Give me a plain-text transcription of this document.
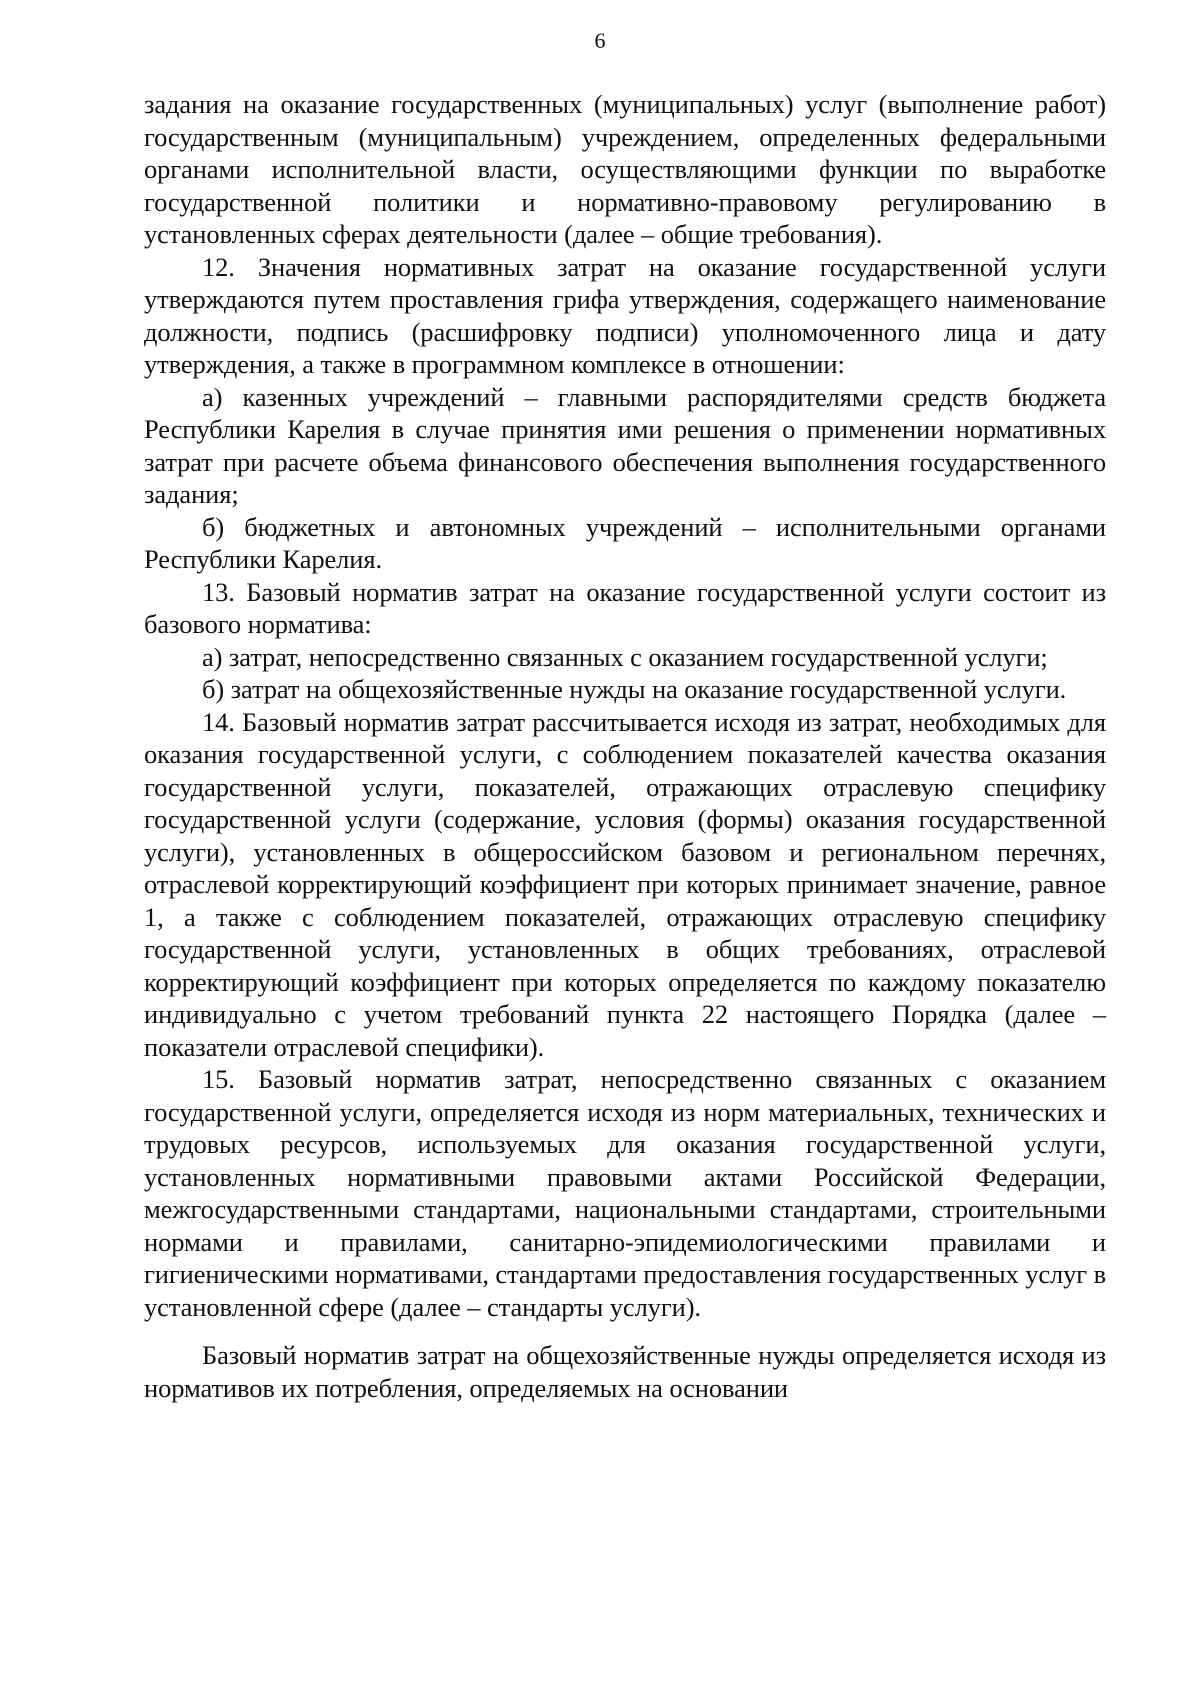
6

задания на оказание государственных (муниципальных) услуг (выполнение работ) государственным (муниципальным) учреждением, определенных федеральными органами исполнительной власти, осуществляющими функции по выработке государственной политики и нормативно-правовому регулированию в установленных сферах деятельности (далее – общие требования).

12. Значения нормативных затрат на оказание государственной услуги утверждаются путем проставления грифа утверждения, содержащего наименование должности, подпись (расшифровку подписи) уполномоченного лица и дату утверждения, а также в программном комплексе в отношении:

а) казенных учреждений – главными распорядителями средств бюджета Республики Карелия в случае принятия ими решения о применении нормативных затрат при расчете объема финансового обеспечения выполнения государственного задания;

б) бюджетных и автономных учреждений – исполнительными органами Республики Карелия.

13. Базовый норматив затрат на оказание государственной услуги состоит из базового норматива:

а) затрат, непосредственно связанных с оказанием государственной услуги;

б) затрат на общехозяйственные нужды на оказание государственной услуги.

14. Базовый норматив затрат рассчитывается исходя из затрат, необходимых для оказания государственной услуги, с соблюдением показателей качества оказания государственной услуги, показателей, отражающих отраслевую специфику государственной услуги (содержание, условия (формы) оказания государственной услуги), установленных в общероссийском базовом и региональном перечнях, отраслевой корректирующий коэффициент при которых принимает значение, равное 1, а также с соблюдением показателей, отражающих отраслевую специфику государственной услуги, установленных в общих требованиях, отраслевой корректирующий коэффициент при которых определяется по каждому показателю индивидуально с учетом требований пункта 22 настоящего Порядка (далее – показатели отраслевой специфики).

15. Базовый норматив затрат, непосредственно связанных с оказанием государственной услуги, определяется исходя из норм материальных, технических и трудовых ресурсов, используемых для оказания государственной услуги, установленных нормативными правовыми актами Российской Федерации, межгосударственными стандартами, национальными стандартами, строительными нормами и правилами, санитарно-эпидемиологическими правилами и гигиеническими нормативами, стандартами предоставления государственных услуг в установленной сфере (далее – стандарты услуги).

Базовый норматив затрат на общехозяйственные нужды определяется исходя из нормативов их потребления, определяемых на основании
